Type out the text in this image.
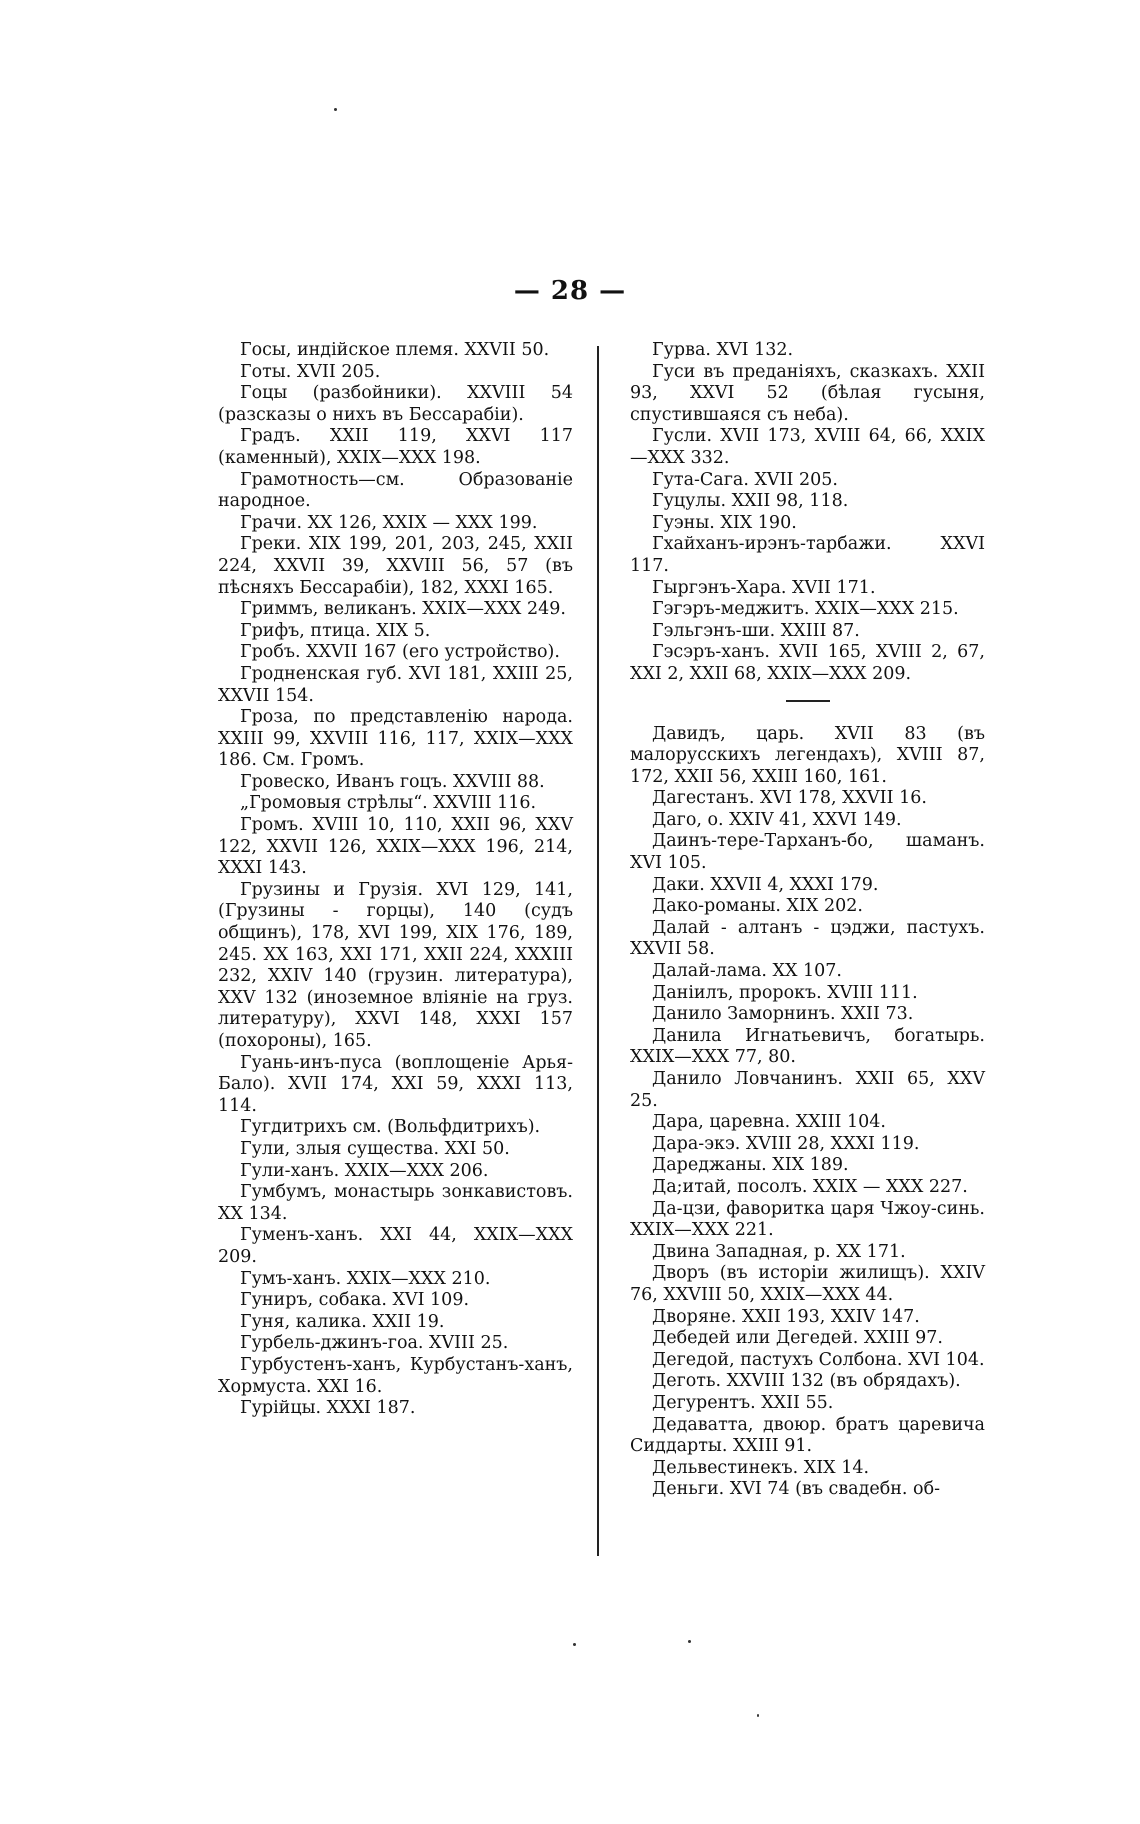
— 28 —

Госы, индійское племя. XXVII 50.

Готы. XVII 205.

Гоцы (разбойники). XXVIII 54 (разсказы о нихъ въ Бессарабіи).

Градъ. XXII 119, XXVI 117 (каменный), XXIX—XXX 198.

Грамотность—см. Образованіе народное.

Грачи. XX 126, XXIX — XXX 199.

Греки. XIX 199, 201, 203, 245, XXII 224, XXVII 39, XXVIII 56, 57 (въ пѣсняхъ Бессарабіи), 182, XXXI 165.

Гриммъ, великанъ. XXIX—XXX 249.

Грифъ, птица. XIX 5.

Гробъ. XXVII 167 (его устройство).

Гродненская губ. XVI 181, XXIII 25, XXVII 154.

Гроза, по представленію народа. XXIII 99, XXVIII 116, 117, XXIX—XXX 186. См. Громъ.

Гровеско, Иванъ гоцъ. XXVIII 88.

„Громовыя стрѣлы“. XXVIII 116.

Громъ. XVIII 10, 110, XXII 96, XXV 122, XXVII 126, XXIX—XXX 196, 214, XXXI 143.

Грузины и Грузія. XVI 129, 141, (Грузины - горцы), 140 (судъ общинъ), 178, XVI 199, XIX 176, 189, 245. XX 163, XXI 171, XXII 224, XXXIII 232, XXIV 140 (грузин. литература), XXV 132 (иноземное вліяніе на груз. литературу), XXVI 148, XXXI 157 (похороны), 165.

Гуань-инъ-пуса (воплощеніе Арья-Бало). XVII 174, XXI 59, XXXI 113, 114.

Гугдитрихъ см. (Вольфдитрихъ).

Гули, злыя существа. XXI 50.

Гули-ханъ. XXIX—XXX 206.

Гумбумъ, монастырь зонкавистовъ. XX 134.

Гуменъ-ханъ. XXI 44, XXIX—XXX 209.

Гумъ-ханъ. XXIX—XXX 210.

Гуниръ, собака. XVI 109.

Гуня, калика. XXII 19.

Гурбель-джинъ-гоа. XVIII 25.

Гурбустенъ-ханъ, Курбустанъ-ханъ, Хормуста. XXI 16.

Гурійцы. XXXI 187.

Гурва. XVI 132.

Гуси въ преданіяхъ, сказкахъ. XXII 93, XXVI 52 (бѣлая гусыня, спустившаяся съ неба).

Гусли. XVII 173, XVIII 64, 66, XXIX—XXX 332.

Гута-Сага. XVII 205.

Гуцулы. XXII 98, 118.

Гуэны. XIX 190.

Гхайханъ-ирэнъ-тарбажи. XXVI 117.

Гыргэнъ-Хара. XVII 171.

Гэгэръ-меджитъ. XXIX—XXX 215.

Гэльгэнъ-ши. XXIII 87.

Гэсэръ-ханъ. XVII 165, XVIII 2, 67, XXI 2, XXII 68, XXIX—XXX 209.

Давидъ, царь. XVII 83 (въ малорусскихъ легендахъ), XVIII 87, 172, XXII 56, XXIII 160, 161.

Дагестанъ. XVI 178, XXVII 16.

Даго, о. XXIV 41, XXVI 149.

Даинъ-тере-Тарханъ-бо, шаманъ. XVI 105.

Даки. XXVII 4, XXXI 179.

Дако-романы. XIX 202.

Далай - алтанъ - цэджи, пастухъ. XXVII 58.

Далай-лама. XX 107.

Даніилъ, пророкъ. XVIII 111.

Данило Заморнинъ. XXII 73.

Данила Игнатьевичъ, богатырь. XXIX—XXX 77, 80.

Данило Ловчанинъ. XXII 65, XXV 25.

Дара, царевна. XXIII 104.

Дара-экэ. XVIII 28, XXXI 119.

Дареджаны. XIX 189.

Да;итай, посолъ. XXIX — XXX 227.

Да-цзи, фаворитка царя Чжоу-синь. XXIX—XXX 221.

Двина Западная, р. XX 171.

Дворъ (въ исторіи жилищъ). XXIV 76, XXVIII 50, XXIX—XXX 44.

Дворяне. XXII 193, XXIV 147.

Дебедей или Дегедей. XXIII 97.

Дегедой, пастухъ Солбона. XVI 104.

Деготь. XXVIII 132 (въ обрядахъ).

Дегурентъ. XXII 55.

Дедаватта, двоюр. братъ царевича Сиддарты. XXIII 91.

Дельвестинекъ. XIX 14.

Деньги. XVI 74 (въ свадебн. об-
